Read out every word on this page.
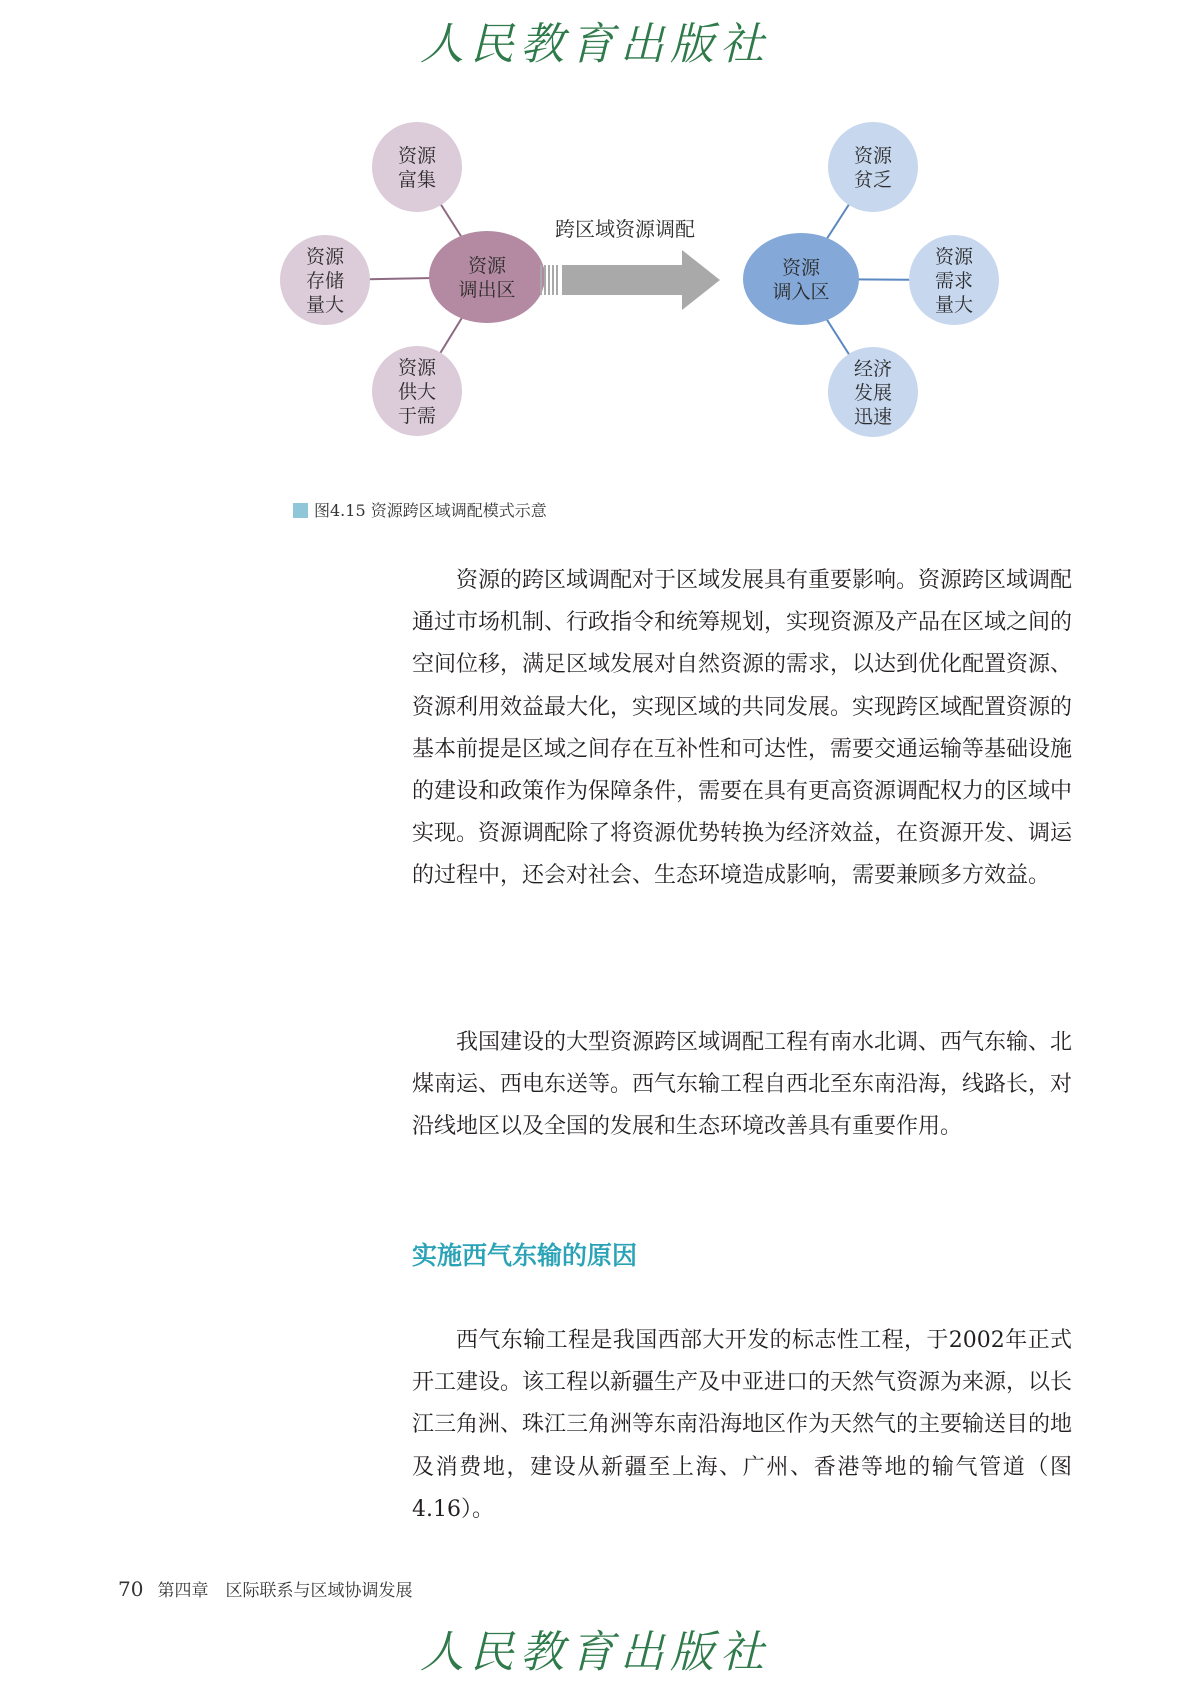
人民教育出版社
资源
富集
资源
存储
量大
资源
供大
于需
资源
贫乏
资源
需求
量大
经济
发展
迅速
资源
调出区
资源
调入区
跨区域资源调配
图4.15 资源跨区域调配模式示意

资源的跨区域调配对于区域发展具有重要影响。资源跨区域调配通过市场机制、行政指令和统筹规划，实现资源及产品在区域之间的空间位移，满足区域发展对自然资源的需求，以达到优化配置资源、资源利用效益最大化，实现区域的共同发展。实现跨区域配置资源的基本前提是区域之间存在互补性和可达性，需要交通运输等基础设施的建设和政策作为保障条件，需要在具有更高资源调配权力的区域中实现。资源调配除了将资源优势转换为经济效益，在资源开发、调运的过程中，还会对社会、生态环境造成影响，需要兼顾多方效益。

我国建设的大型资源跨区域调配工程有南水北调、西气东输、北煤南运、西电东送等。西气东输工程自西北至东南沿海，线路长，对沿线地区以及全国的发展和生态环境改善具有重要作用。

实施西气东输的原因

西气东输工程是我国西部大开发的标志性工程，于2002年正式开工建设。该工程以新疆生产及中亚进口的天然气资源为来源，以长江三角洲、珠江三角洲等东南沿海地区作为天然气的主要输送目的地及消费地，建设从新疆至上海、广州、香港等地的输气管道（图4.16）。

70 第四章　区际联系与区域协调发展
人民教育出版社
